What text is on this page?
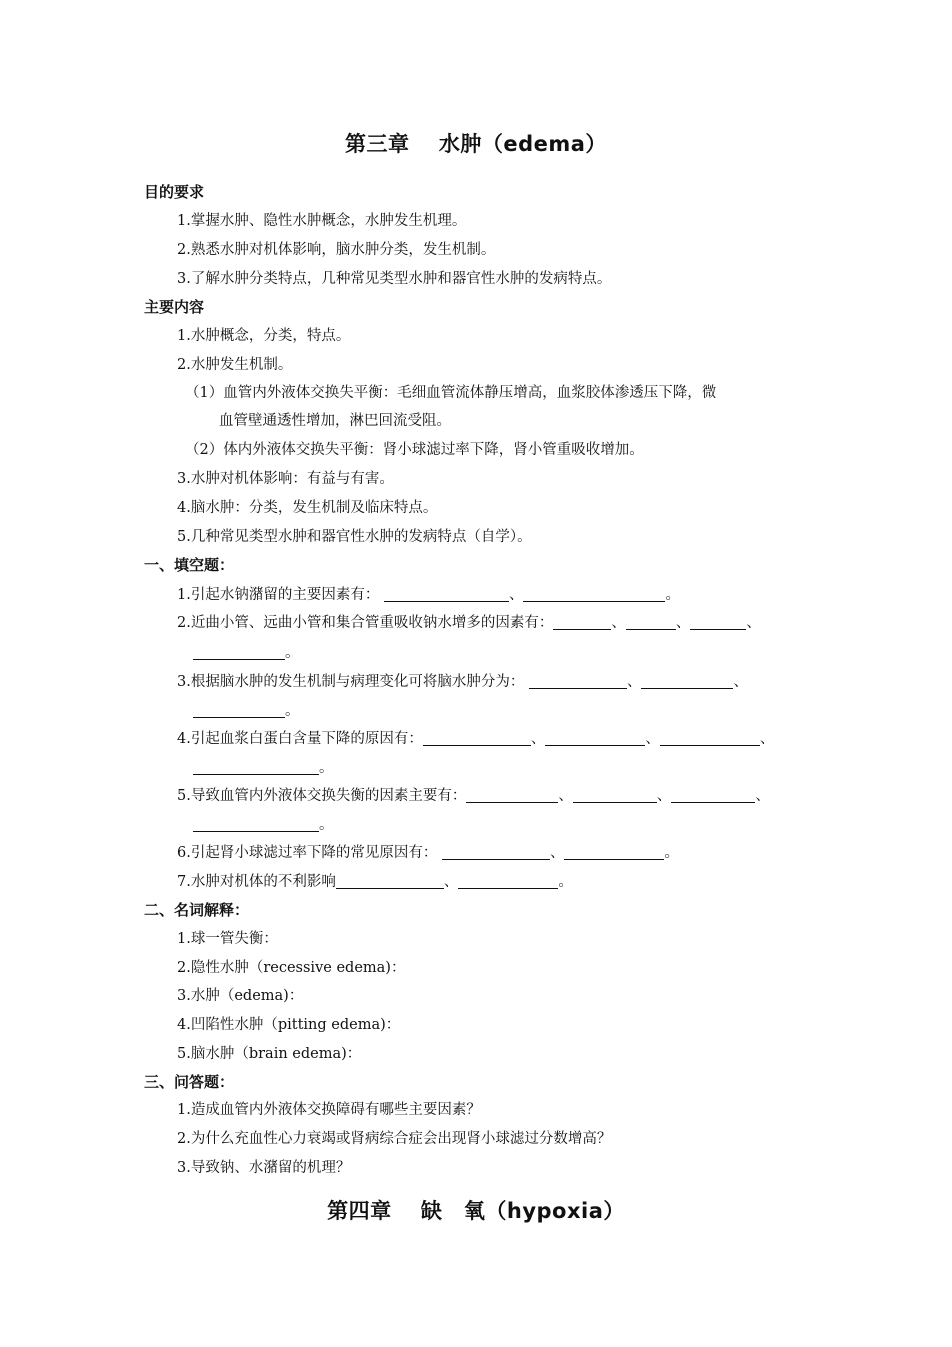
第三章　 水肿（edema）
目的要求
1.掌握水肿、隐性水肿概念，水肿发生机理。
2.熟悉水肿对机体影响，脑水肿分类，发生机制。
3.了解水肿分类特点，几种常见类型水肿和器官性水肿的发病特点。
主要内容
1.水肿概念，分类，特点。
2.水肿发生机制。
（1）血管内外液体交换失平衡：毛细血管流体静压增高，血浆胶体渗透压下降，微
血管壁通透性增加，淋巴回流受阻。
（2）体内外液体交换失平衡：肾小球滤过率下降，肾小管重吸收增加。
3.水肿对机体影响：有益与有害。
4.脑水肿：分类，发生机制及临床特点。
5.几种常见类型水肿和器官性水肿的发病特点（自学）。
一、填空题：
1.引起水钠潴留的主要因素有：	、	。
2.近曲小管、远曲小管和集合管重吸收钠水增多的因素有：	、	、	、
。
3.根据脑水肿的发生机制与病理变化可将脑水肿分为：	、	、
。
4.引起血浆白蛋白含量下降的原因有：	、	、	、
。
5.导致血管内外液体交换失衡的因素主要有：	、	、	、
。
6.引起肾小球滤过率下降的常见原因有：	、	。
7.水肿对机体的不利影响	、	。
二、名词解释：
1.球一管失衡：
2.隐性水肿（recessive edema)：
3.水肿（edema)：
4.凹陷性水肿（pitting edema)：
5.脑水肿（brain edema)：
三、问答题：
1.造成血管内外液体交换障碍有哪些主要因素？
2.为什么充血性心力衰竭或肾病综合症会出现肾小球滤过分数增高？
3.导致钠、水潴留的机理？
第四章　 缺　氧（hypoxia）
